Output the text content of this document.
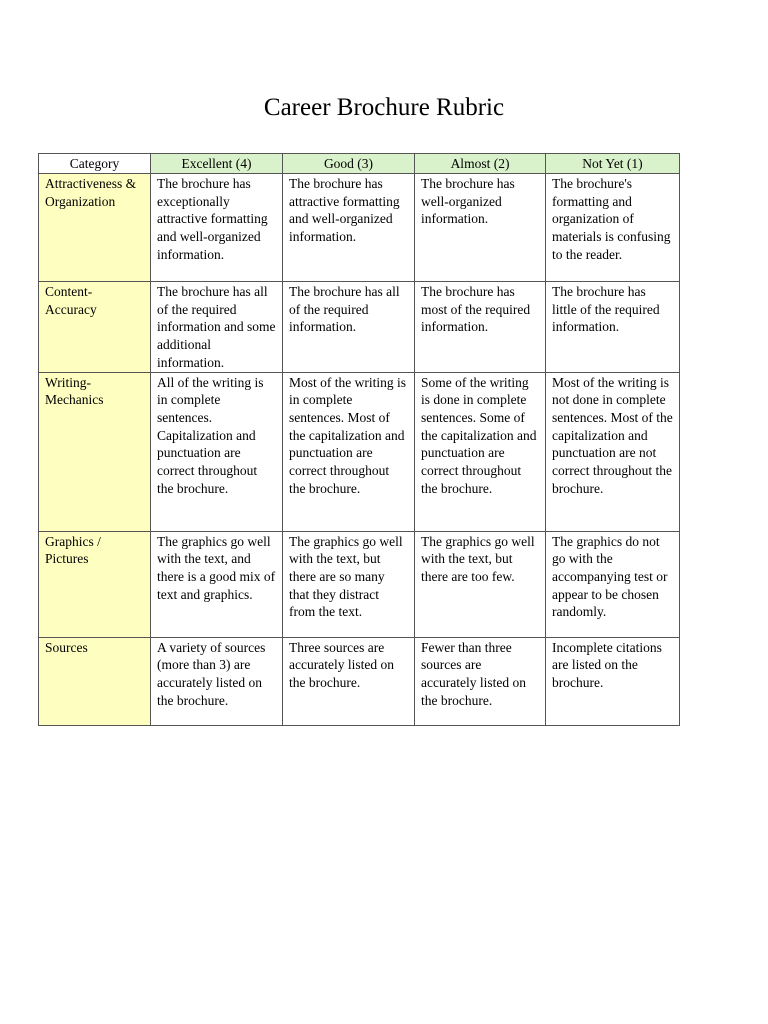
Career Brochure Rubric
Category	Excellent (4)	Good (3)	Almost (2)	Not Yet (1)
Attractiveness & Organization	The brochure has exceptionally attractive formatting and well-organized information.	The brochure has attractive formatting and well-organized information.	The brochure has well-organized information.	The brochure's formatting and organization of materials is confusing to the reader.
Content- Accuracy	The brochure has all of the required information and some additional information.	The brochure has all of the required information.	The brochure has most of the required information.	The brochure has little of the required information.
Writing- Mechanics	All of the writing is in complete sentences. Capitalization and punctuation are correct throughout the brochure.	Most of the writing is in complete sentences. Most of the capitalization and punctuation are correct throughout the brochure.	Some of the writing is done in complete sentences. Some of the capitalization and punctuation are correct throughout the brochure.	Most of the writing is not done in complete sentences. Most of the capitalization and punctuation are not correct throughout the brochure.
Graphics / Pictures	The graphics go well with the text, and there is a good mix of text and graphics.	The graphics go well with the text, but there are so many that they distract from the text.	The graphics go well with the text, but there are too few.	The graphics do not go with the accompanying test or appear to be chosen randomly.
Sources	A variety of sources (more than 3) are accurately listed on the brochure.	Three sources are accurately listed on the brochure.	Fewer than three sources are accurately listed on the brochure.	Incomplete citations are listed on the brochure.
